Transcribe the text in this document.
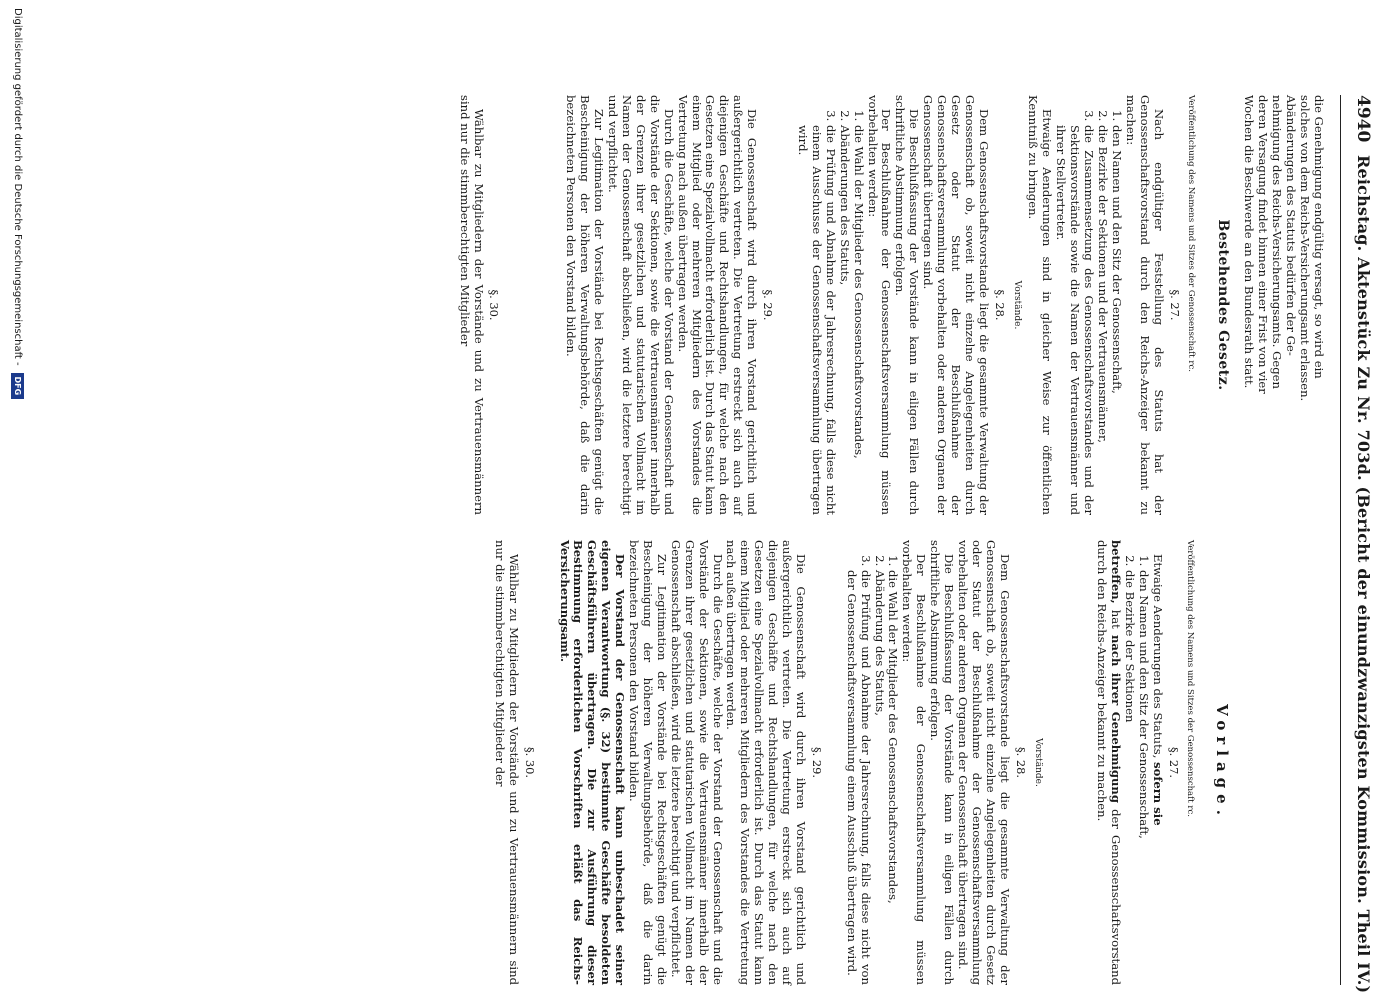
4940
Reichstag. Aktenstück Zu Nr. 703d. (Bericht der einundzwanzigsten Kommission. Theil IV.)
die Genehmigung endgültig versagt, so wird ein
solches von dem Reichs-Versicherungsamt erlassen.
Abänderungen des Statuts bedürfen der Ge-
nehmigung des Reichs-Versicherungsamts. Gegen
deren Versagung findet binnen einer Frist von vier
Wochen die Beschwerde an den Bundesrath statt.
Bestehendes Gesetz.
Veröffentlichung des Namens und Sitzes der Genossenschaft rc.
§. 27.

Nach endgültiger Feststellung des Statuts hat der Genossenschaftsvorstand durch den Reichs-Anzeiger bekannt zu machen:

1. den Namen und den Sitz der Genossenschaft,
2. die Bezirke der Sektionen und der Vertrauensmänner,
3. die Zusammensetzung des Genossenschaftsvorstandes und der Sektionsvorstände sowie die Namen der Vertrauensmänner und ihrer Stellvertreter.

Etwaige Aenderungen sind in gleicher Weise zur öffentlichen Kenntniß zu bringen.

Vorstände.
§. 28.

Dem Genossenschaftsvorstande liegt die gesammte Verwaltung der Genossenschaft ob, soweit nicht einzelne Angelegenheiten durch Gesetz oder Statut der Beschlußnahme der Genossenschaftsversammlung vorbehalten oder anderen Organen der Genossenschaft übertragen sind.

Die Beschlußfassung der Vorstände kann in eiligen Fällen durch schriftliche Abstimmung erfolgen.

Der Beschlußnahme der Genossenschaftsversammlung müssen vorbehalten werden:

1. die Wahl der Mitglieder des Genossenschaftsvorstandes,
2. Abänderungen des Statuts,
3. die Prüfung und Abnahme der Jahresrechnung, falls diese nicht einem Ausschusse der Genossenschaftsversammlung übertragen wird.
§. 29.

Die Genossenschaft wird durch ihren Vorstand gerichtlich und außergerichtlich vertreten. Die Vertretung erstreckt sich auch auf diejenigen Geschäfte und Rechtshandlungen, für welche nach den Gesetzen eine Spezialvollmacht erforderlich ist. Durch das Statut kann einem Mitglied oder mehreren Mitgliedern des Vorstandes die Vertretung nach außen übertragen werden.

Durch die Geschäfte, welche der Vorstand der Genossenschaft und die Vorstände der Sektionen, sowie die Vertrauensmänner innerhalb der Grenzen ihrer gesetzlichen und statutarischen Vollmacht im Namen der Genossenschaft abschließen, wird die letztere berechtigt und verpflichtet.

Zur Legitimation der Vorstände bei Rechtsgeschäften genügt die Bescheinigung der höheren Verwaltungsbehörde, daß die darin bezeichneten Personen den Vorstand bilden.

§. 30.

Wählbar zu Mitgliedern der Vorstände und zu Vertrauensmännern sind nur die stimmberechtigten Mitglieder

Vorlage.
Veröffentlichung des Namens und Sitzes der Genossenschaft rc.
§. 27.

Etwaige Aenderungen des Statuts, sofern sie

1. den Namen und den Sitz der Genossenschaft,
2. die Bezirke der Sektionen

betreffen, hat nach ihrer Genehmigung der Genossenschaftsvorstand durch den Reichs-Anzeiger bekannt zu machen.

Vorstände.
§. 28.

Dem Genossenschaftsvorstande liegt die gesammte Verwaltung der Genossenschaft ob, soweit nicht einzelne Angelegenheiten durch Gesetz oder Statut der Beschlußnahme der Genossenschaftsversammlung vorbehalten oder anderen Organen der Genossenschaft übertragen sind.

Die Beschlußfassung der Vorstände kann in eiligen Fällen durch schriftliche Abstimmung erfolgen.

Der Beschlußnahme der Genossenschaftsversammlung müssen vorbehalten werden:

1. die Wahl der Mitglieder des Genossenschaftsvorstandes,
2. Abänderung des Statuts,
3. die Prüfung und Abnahme der Jahresrechnung, falls diese nicht von der Genossenschaftsversammlung einem Ausschuß übertragen wird.
§. 29.

Die Genossenschaft wird durch ihren Vorstand gerichtlich und außergerichtlich vertreten. Die Vertretung erstreckt sich auch auf diejenigen Geschäfte und Rechtshandlungen, für welche nach den Gesetzen eine Spezialvollmacht erforderlich ist. Durch das Statut kann einem Mitglied oder mehreren Mitgliedern des Vorstandes die Vertretung nach außen übertragen werden.

Durch die Geschäfte, welche der Vorstand der Genossenschaft und die Vorstände der Sektionen, sowie die Vertrauensmänner innerhalb der Grenzen ihrer gesetzlichen und statutarischen Vollmacht im Namen der Genossenschaft abschließen, wird die letztere berechtigt und verpflichtet.

Zur Legitimation der Vorstände bei Rechtsgeschäften genügt die Bescheinigung der höheren Verwaltungsbehörde, daß die darin bezeichneten Personen den Vorstand bilden.

Der Vorstand der Genossenschaft kann unbeschadet seiner eigenen Verantwortung (§. 32) bestimmte Geschäfte besoldeten Geschäftsführern übertragen. Die zur Ausführung dieser Bestimmung erforderlichen Vorschriften erläßt das Reichs-Versicherungsamt.

§. 30.

Wählbar zu Mitgliedern der Vorstände und zu Vertrauensmännern sind nur die stimmberechtigten Mitglieder der

Digitalisierung gefördert durch die Deutsche Forschungsgemeinschaft - DFG
